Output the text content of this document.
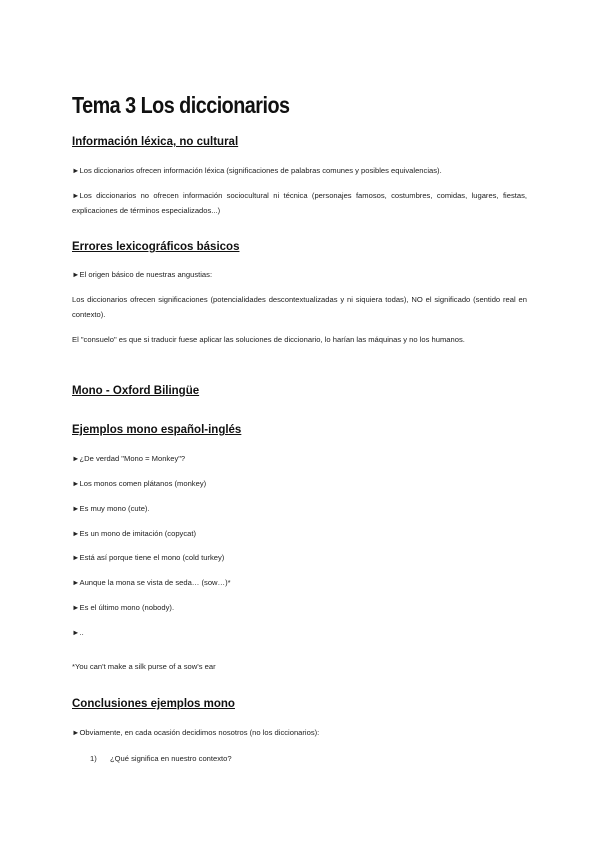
Tema 3 Los diccionarios
Información léxica, no cultural

►Los diccionarios ofrecen información léxica (significaciones de palabras comunes y posibles equivalencias).

►Los diccionarios no ofrecen información sociocultural ni técnica (personajes famosos, costumbres, comidas, lugares, fiestas, explicaciones de términos especializados...)

Errores lexicográficos básicos

►El origen básico de nuestras angustias:

Los diccionarios ofrecen significaciones (potencialidades descontextualizadas y ni siquiera todas), NO el significado (sentido real en contexto).

El "consuelo" es que si traducir fuese aplicar las soluciones de diccionario, lo harían las máquinas y no los humanos.

Mono - Oxford Bilingüe
Ejemplos mono español-inglés

►¿De verdad "Mono = Monkey"?

►Los monos comen plátanos (monkey)

►Es muy mono (cute).

►Es un mono de imitación (copycat)

►Está así porque tiene el mono (cold turkey)

►Aunque la mona se vista de seda… (sow…)*

►Es el último mono (nobody).

►..

*You can't make a silk purse of a sow's ear

Conclusiones ejemplos mono

►Obviamente, en cada ocasión decidimos nosotros (no los diccionarios):

1) ¿Qué significa en nuestro contexto?
